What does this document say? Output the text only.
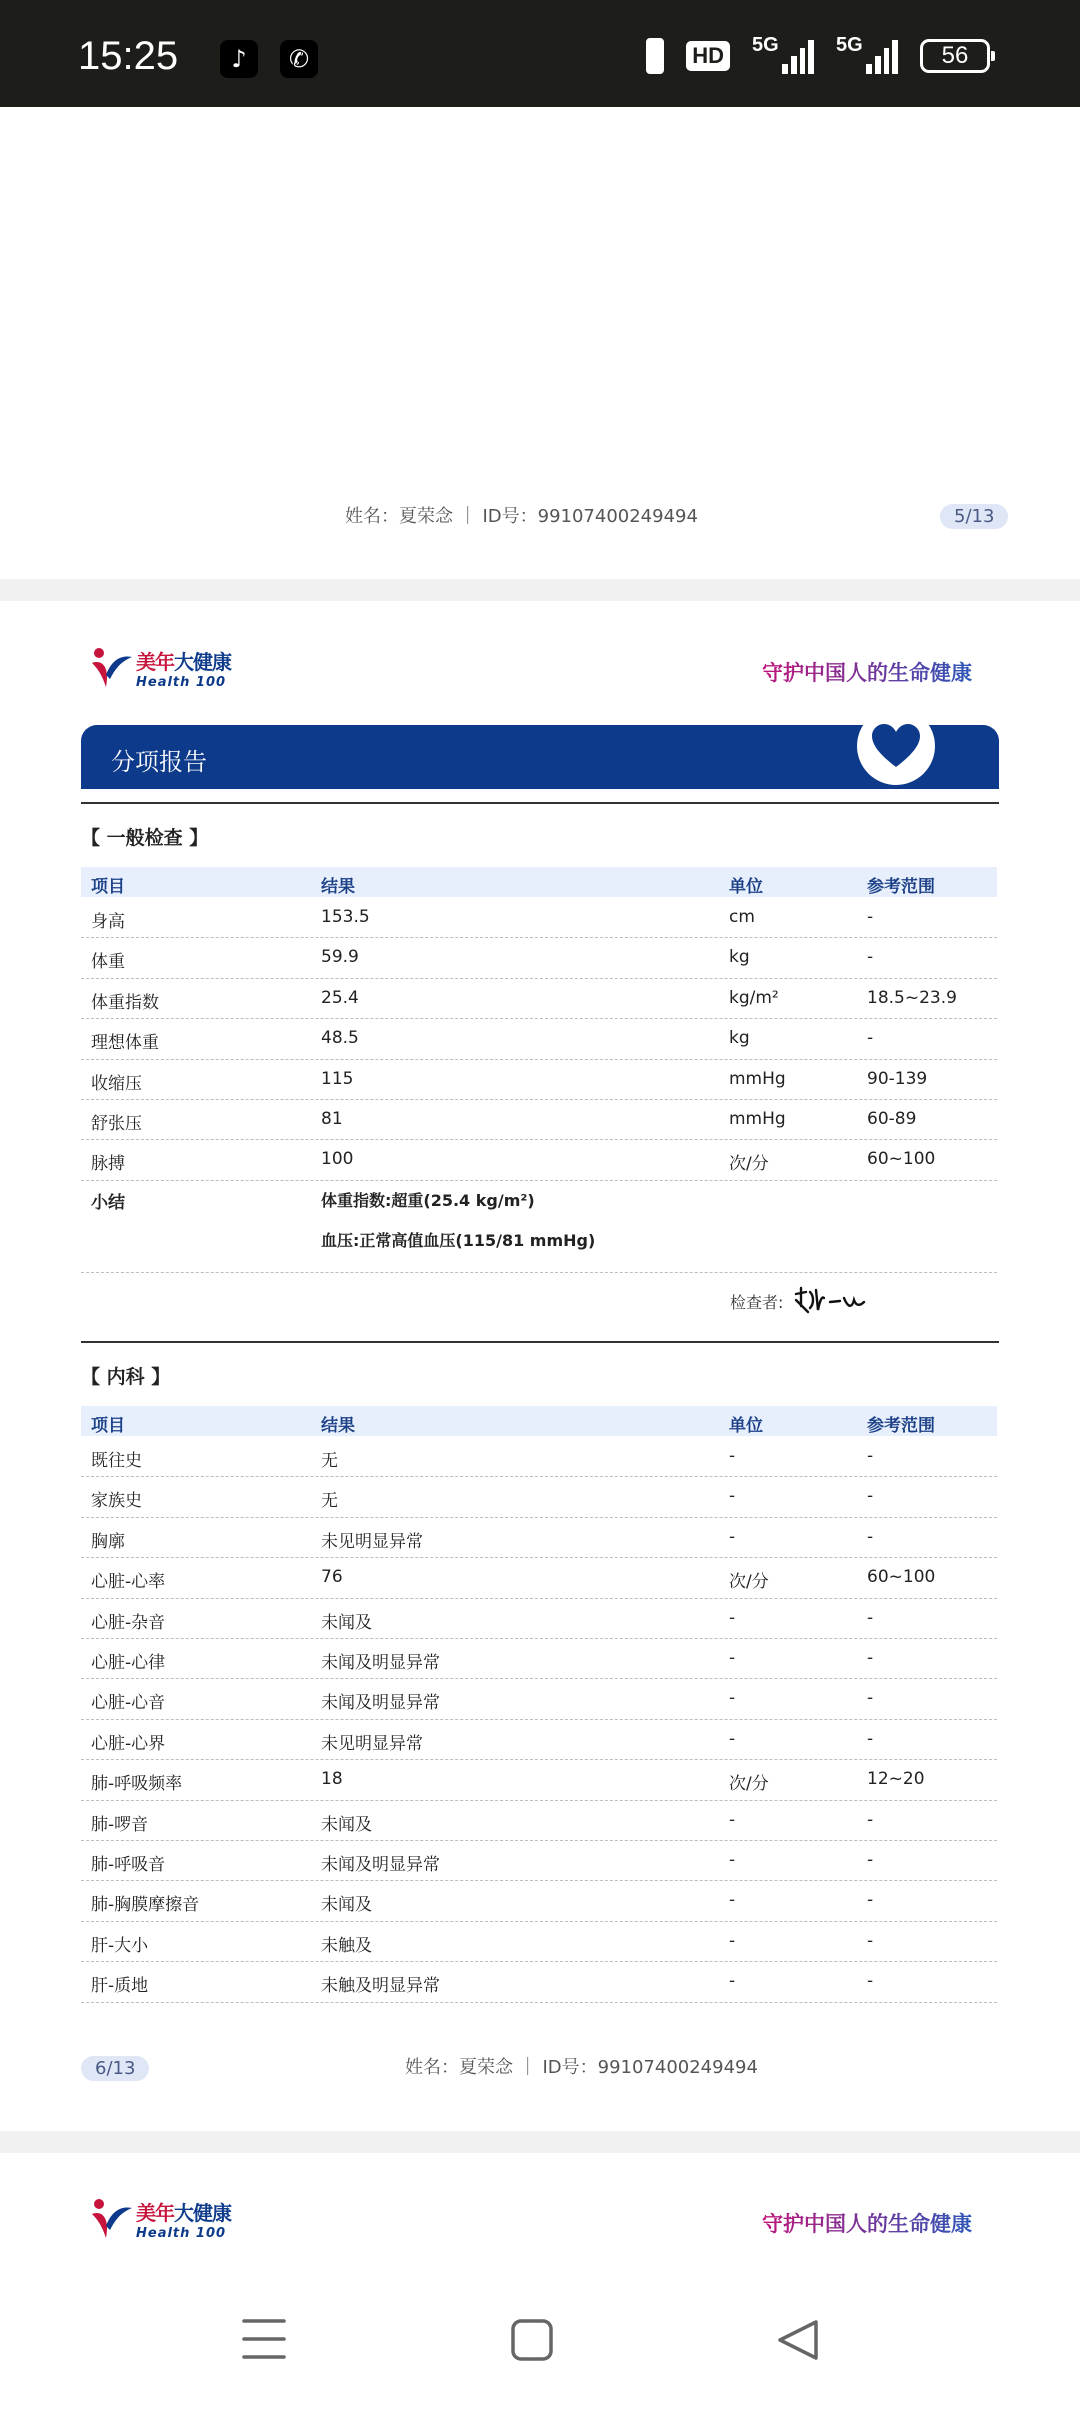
15:25	♪	✆	HD	5G	5G	56
姓名：夏荣念 ｜ ID号：99107400249494	5/13
美年大健康
Health 100	守护中国人的生命健康
分项报告
【 一般检查 】
项目	结果	单位	参考范围
身高	153.5	cm	-
体重	59.9	kg	-
体重指数	25.4	kg/m²	18.5~23.9
理想体重	48.5	kg	-
收缩压	115	mmHg	90-139
舒张压	81	mmHg	60-89
脉搏	100	次/分	60~100
小结	体重指数:超重(25.4 kg/m²)
血压:正常高值血压(115/81 mmHg)
检查者:
【 内科 】
项目	结果	单位	参考范围
既往史	无	-	-
家族史	无	-	-
胸廓	未见明显异常	-	-
心脏-心率	76	次/分	60~100
心脏-杂音	未闻及	-	-
心脏-心律	未闻及明显异常	-	-
心脏-心音	未闻及明显异常	-	-
心脏-心界	未见明显异常	-	-
肺-呼吸频率	18	次/分	12~20
肺-啰音	未闻及	-	-
肺-呼吸音	未闻及明显异常	-	-
肺-胸膜摩擦音	未闻及	-	-
肝-大小	未触及	-	-
肝-质地	未触及明显异常	-	-
6/13	姓名：夏荣念 ｜ ID号：99107400249494
美年大健康
Health 100	守护中国人的生命健康
